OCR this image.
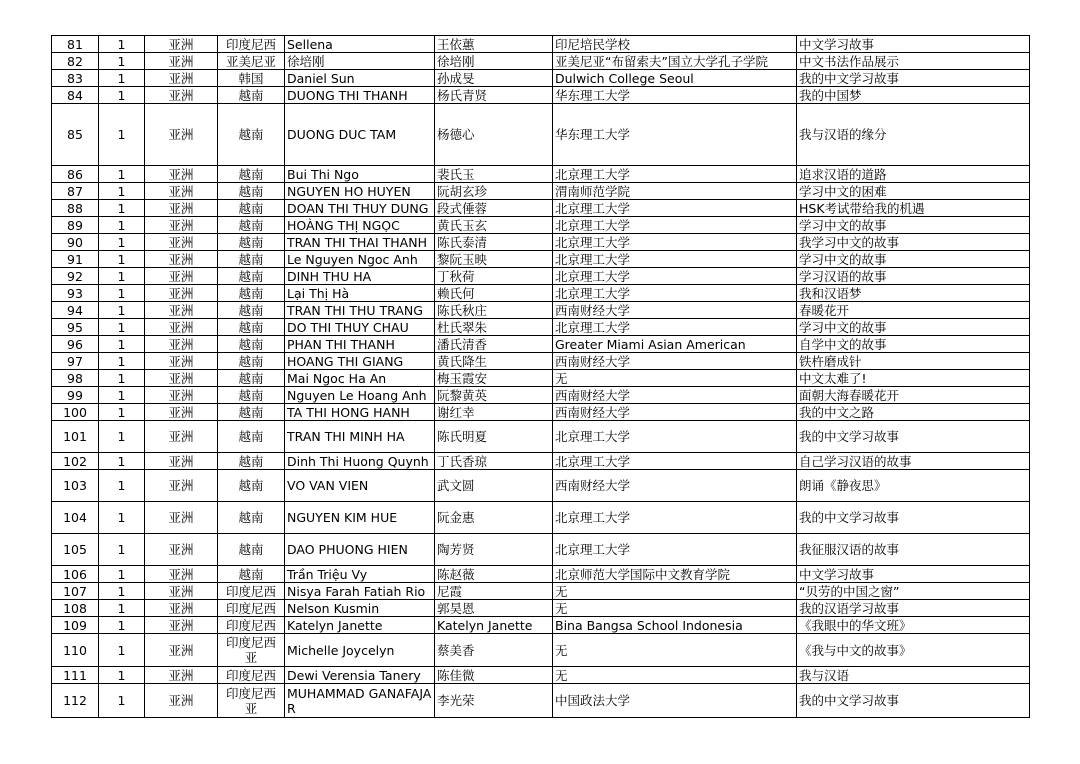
81	1	亚洲	印度尼西	Sellena	王依蕙	印尼培民学校	中文学习故事
82	1	亚洲	亚美尼亚	徐培刚	徐培刚	亚美尼亚“布留索夫”国立大学孔子学院	中文书法作品展示
83	1	亚洲	韩国	Daniel Sun	孙成旻	Dulwich College Seoul	我的中文学习故事
84	1	亚洲	越南	DUONG THI THANH	杨氏青贤	华东理工大学	我的中国梦
85	1	亚洲	越南	DUONG DUC TAM	杨德心	华东理工大学	我与汉语的缘分
86	1	亚洲	越南	Bui Thi Ngo	裴氏玉	北京理工大学	追求汉语的道路
87	1	亚洲	越南	NGUYEN HO HUYEN	阮胡玄珍	渭南师范学院	学习中文的困难
88	1	亚洲	越南	DOAN THI THUY DUNG	段式倕蓉	北京理工大学	HSK考试带给我的机遇
89	1	亚洲	越南	HOÀNG THỊ NGỌC	黄氏玉玄	北京理工大学	学习中文的故事
90	1	亚洲	越南	TRAN THI THAI THANH	陈氏泰清	北京理工大学	我学习中文的故事
91	1	亚洲	越南	Le Nguyen Ngoc Anh	黎阮玉映	北京理工大学	学习中文的故事
92	1	亚洲	越南	DINH THU HA	丁秋荷	北京理工大学	学习汉语的故事
93	1	亚洲	越南	Lại Thị Hà	赖氏何	北京理工大学	我和汉语梦
94	1	亚洲	越南	TRAN THI THU TRANG	陈氏秋庄	西南财经大学	春暖花开
95	1	亚洲	越南	DO THI THUY CHAU	杜氏翠朱	北京理工大学	学习中文的故事
96	1	亚洲	越南	PHAN THI THANH	潘氏清香	Greater Miami Asian American	自学中文的故事
97	1	亚洲	越南	HOANG THI GIANG	黄氏降生	西南财经大学	铁杵磨成针
98	1	亚洲	越南	Mai Ngoc Ha An	梅玉霞安	无	中文太难了!
99	1	亚洲	越南	Nguyen Le Hoang Anh	阮黎黄英	西南财经大学	面朝大海春暖花开
100	1	亚洲	越南	TA THI HONG HANH	谢红幸	西南财经大学	我的中文之路
101	1	亚洲	越南	TRAN THI MINH HA	陈氏明夏	北京理工大学	我的中文学习故事
102	1	亚洲	越南	Dinh Thi Huong Quynh	丁氏香琼	北京理工大学	自己学习汉语的故事
103	1	亚洲	越南	VO VAN VIEN	武文圆	西南财经大学	朗诵《静夜思》
104	1	亚洲	越南	NGUYEN KIM HUE	阮金惠	北京理工大学	我的中文学习故事
105	1	亚洲	越南	DAO PHUONG HIEN	陶芳贤	北京理工大学	我征服汉语的故事
106	1	亚洲	越南	Trần Triệu Vy	陈赵薇	北京师范大学国际中文教育学院	中文学习故事
107	1	亚洲	印度尼西	Nisya Farah Fatiah Rio	尼霞	无	“贝劳的中国之窗”
108	1	亚洲	印度尼西	Nelson Kusmin	郭昊恩	无	我的汉语学习故事
109	1	亚洲	印度尼西	Katelyn Janette	Katelyn Janette	Bina Bangsa School Indonesia	《我眼中的华文班》
110	1	亚洲	印度尼西亚	Michelle Joycelyn	蔡美香	无	《我与中文的故事》
111	1	亚洲	印度尼西	Dewi Verensia Tanery	陈佳微	无	我与汉语
112	1	亚洲	印度尼西亚	MUHAMMAD GANAFAJAR	李光荣	中国政法大学	我的中文学习故事
